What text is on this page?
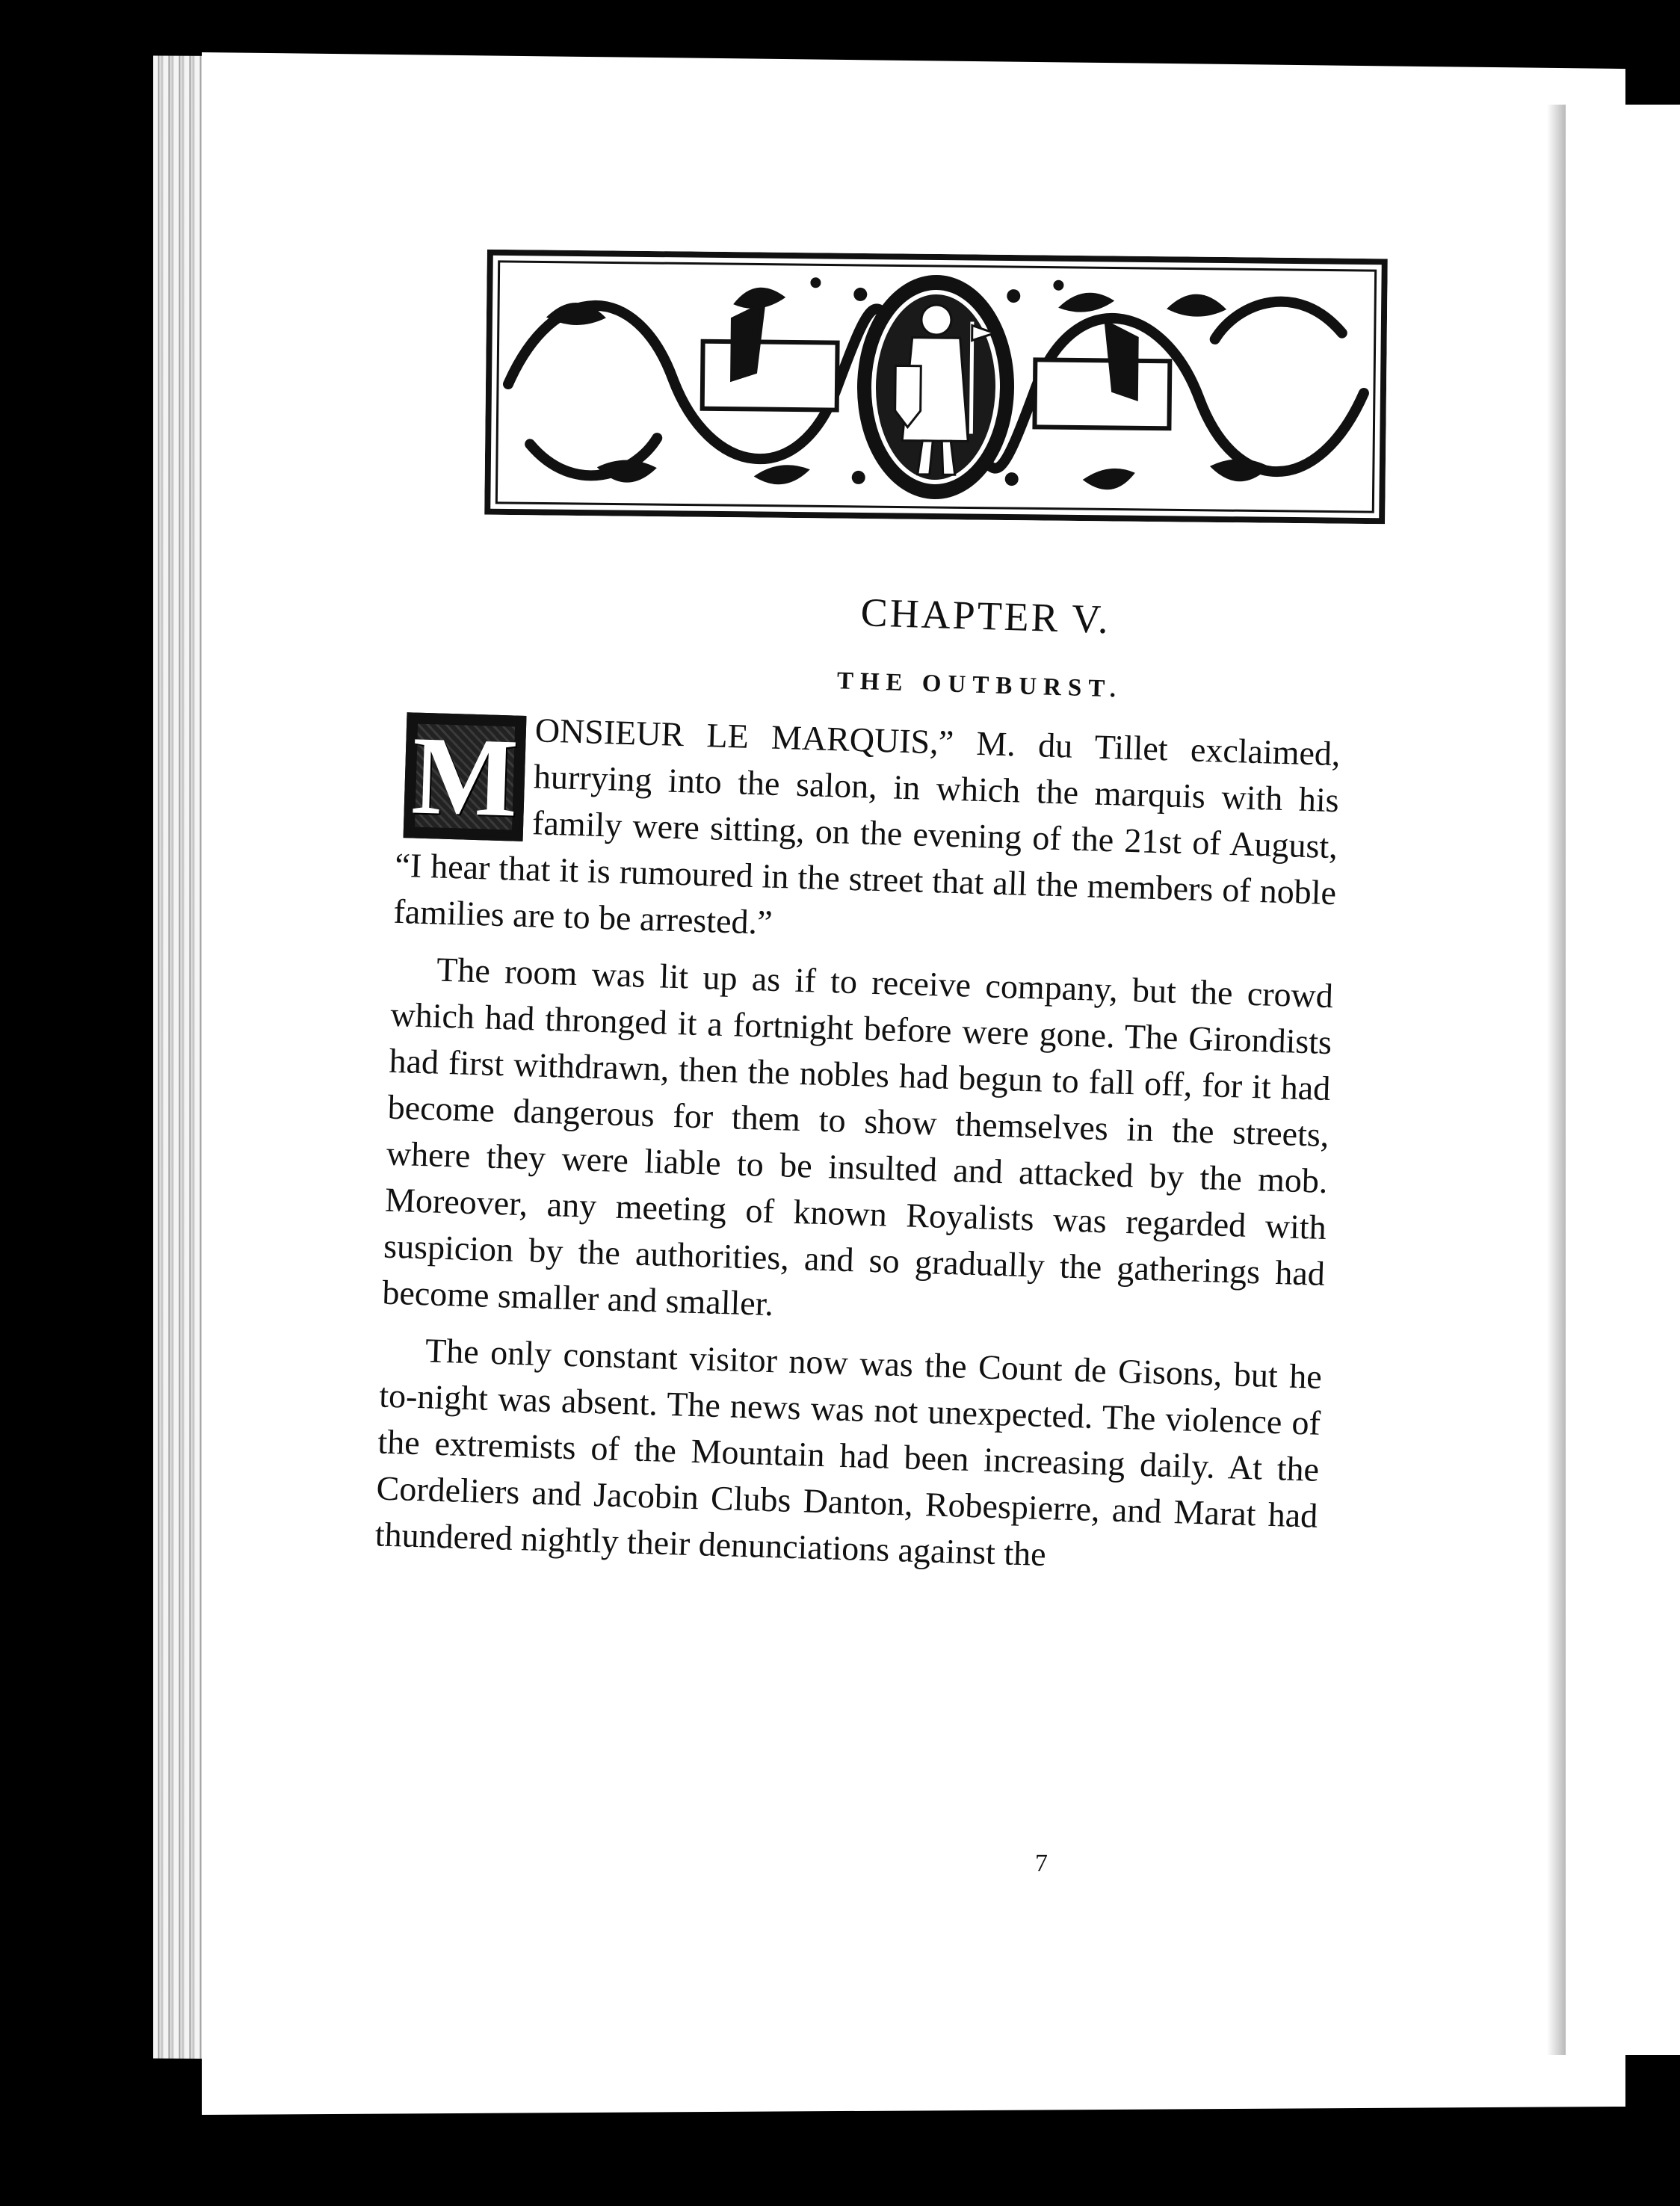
CHAPTER V.
THE OUTBURST.
M ONSIEUR LE MARQUIS,” M. du Tillet exclaimed, hurrying into the salon, in which the marquis with his family were sitting, on the evening of the 21st of August, “I hear that it is rumoured in the street that all the members of noble families are to be arrested.”

The room was lit up as if to receive company, but the crowd which had thronged it a fortnight before were gone. The Girondists had first withdrawn, then the nobles had begun to fall off, for it had become dangerous for them to show themselves in the streets, where they were liable to be insulted and attacked by the mob. Moreover, any meeting of known Royalists was regarded with suspicion by the authorities, and so gradually the gatherings had become smaller and smaller.

The only constant visitor now was the Count de Gisons, but he to-night was absent. The news was not unexpected. The violence of the extremists of the Mountain had been increasing daily. At the Cordeliers and Jacobin Clubs Danton, Robespierre, and Marat had thundered nightly their denunciations against the

7
